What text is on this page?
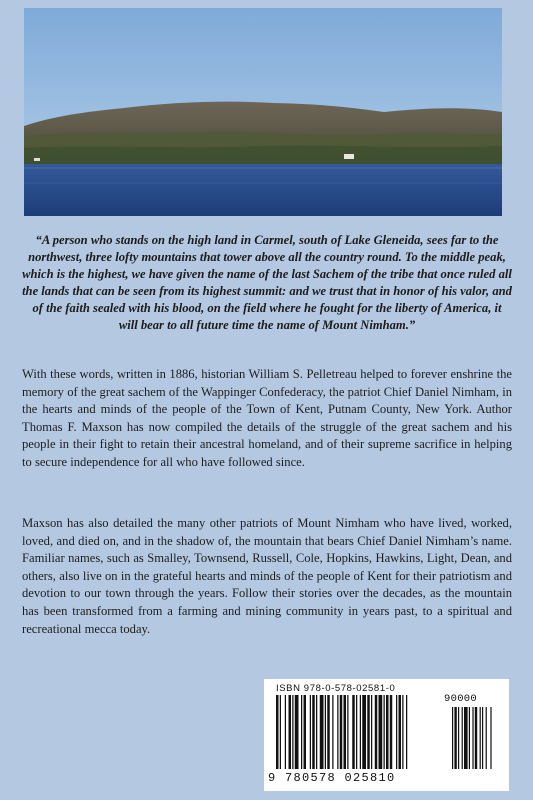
“A person who stands on the high land in Carmel, south of Lake Gleneida, sees far to the northwest, three lofty mountains that tower above all the country round. To the middle peak, which is the highest, we have given the name of the last Sachem of the tribe that once ruled all the lands that can be seen from its highest summit: and we trust that in honor of his valor, and of the faith sealed with his blood, on the field where he fought for the liberty of America, it will bear to all future time the name of Mount Nimham.”
With these words, written in 1886, historian William S. Pelletreau helped to forever enshrine the memory of the great sachem of the Wappinger Confederacy, the patriot Chief Daniel Nimham, in the hearts and minds of the people of the Town of Kent, Putnam County, New York. Author Thomas F. Maxson has now compiled the details of the struggle of the great sachem and his people in their fight to retain their ancestral homeland, and of their supreme sacrifice in helping to secure independence for all who have followed since.
Maxson has also detailed the many other patriots of Mount Nimham who have lived, worked, loved, and died on, and in the shadow of, the mountain that bears Chief Daniel Nimham’s name. Familiar names, such as Smalley, Townsend, Russell, Cole, Hopkins, Hawkins, Light, Dean, and others, also live on in the grateful hearts and minds of the people of Kent for their patriotism and devotion to our town through the years. Follow their stories over the decades, as the mountain has been transformed from a farming and mining community in years past, to a spiritual and recreational mecca today.
ISBN 978-0-578-02581-0
90000
9 780578 025810
